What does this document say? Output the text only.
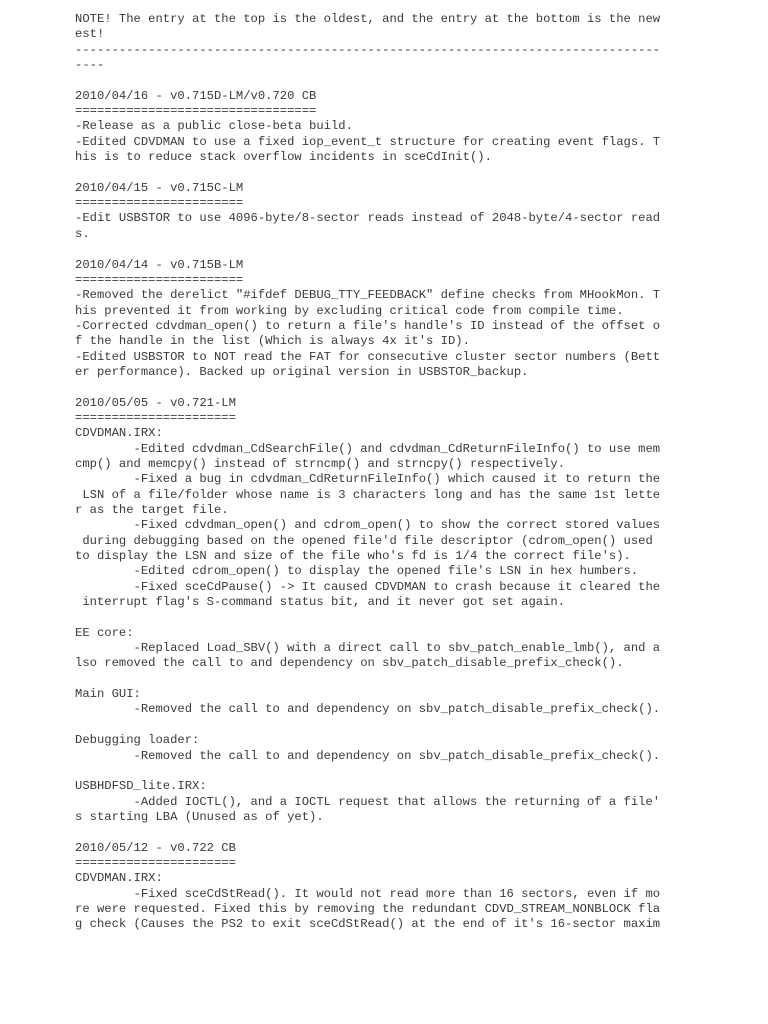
NOTE! The entry at the top is the oldest, and the entry at the bottom is the new
est!
--------------------------------------------------------------------------------
----
2010/04/16 - v0.715D-LM/v0.720 CB
=================================
-Release as a public close-beta build.
-Edited CDVDMAN to use a fixed iop_event_t structure for creating event flags. T
his is to reduce stack overflow incidents in sceCdInit().
2010/04/15 - v0.715C-LM
=======================
-Edit USBSTOR to use 4096-byte/8-sector reads instead of 2048-byte/4-sector read
s.
2010/04/14 - v0.715B-LM
=======================
-Removed the derelict "#ifdef DEBUG_TTY_FEEDBACK" define checks from MHookMon. T
his prevented it from working by excluding critical code from compile time.
-Corrected cdvdman_open() to return a file's handle's ID instead of the offset o
f the handle in the list (Which is always 4x it's ID).
-Edited USBSTOR to NOT read the FAT for consecutive cluster sector numbers (Bett
er performance). Backed up original version in USBSTOR_backup.
2010/05/05 - v0.721-LM
======================
CDVDMAN.IRX:
-Edited cdvdman_CdSearchFile() and cdvdman_CdReturnFileInfo() to use mem
cmp() and memcpy() instead of strncmp() and strncpy() respectively.
-Fixed a bug in cdvdman_CdReturnFileInfo() which caused it to return the
LSN of a file/folder whose name is 3 characters long and has the same 1st lette
r as the target file.
-Fixed cdvdman_open() and cdrom_open() to show the correct stored values
during debugging based on the opened file'd file descriptor (cdrom_open() used
to display the LSN and size of the file who's fd is 1/4 the correct file's).
-Edited cdrom_open() to display the opened file's LSN in hex humbers.
-Fixed sceCdPause() -> It caused CDVDMAN to crash because it cleared the
interrupt flag's S-command status bit, and it never got set again.
EE core:
-Replaced Load_SBV() with a direct call to sbv_patch_enable_lmb(), and a
lso removed the call to and dependency on sbv_patch_disable_prefix_check().
Main GUI:
-Removed the call to and dependency on sbv_patch_disable_prefix_check().
Debugging loader:
-Removed the call to and dependency on sbv_patch_disable_prefix_check().
USBHDFSD_lite.IRX:
-Added IOCTL(), and a IOCTL request that allows the returning of a file'
s starting LBA (Unused as of yet).
2010/05/12 - v0.722 CB
======================
CDVDMAN.IRX:
-Fixed sceCdStRead(). It would not read more than 16 sectors, even if mo
re were requested. Fixed this by removing the redundant CDVD_STREAM_NONBLOCK fla
g check (Causes the PS2 to exit sceCdStRead() at the end of it's 16-sector maxim
